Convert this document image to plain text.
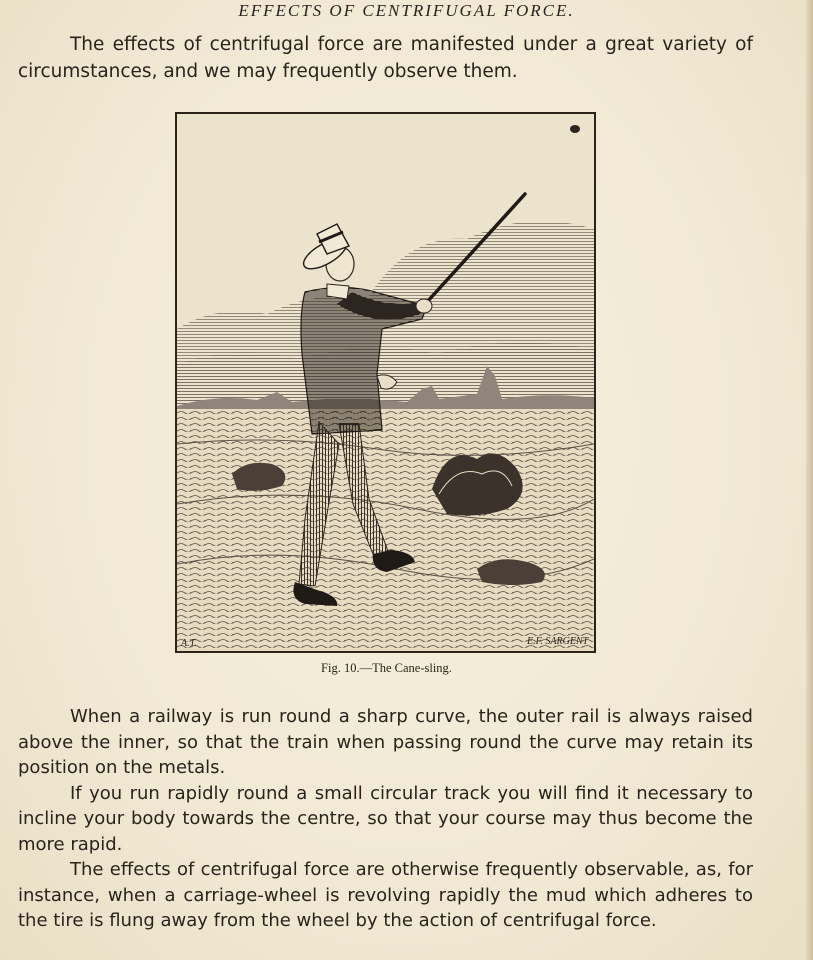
EFFECTS OF CENTRIFUGAL FORCE.

The effects of centrifugal force are manifested under a great variety of circumstances, and we may frequently observe them.

A.T.	E.F. SARGENT
Fig. 10.—The Cane-sling.

When a railway is run round a sharp curve, the outer rail is always raised above the inner, so that the train when passing round the curve may retain its position on the metals.

If you run rapidly round a small circular track you will find it necessary to incline your body towards the centre, so that your course may thus become the more rapid.

The effects of centrifugal force are otherwise frequently observable, as, for instance, when a carriage-wheel is revolving rapidly the mud which adheres to the tire is flung away from the wheel by the action of centrifugal force.
